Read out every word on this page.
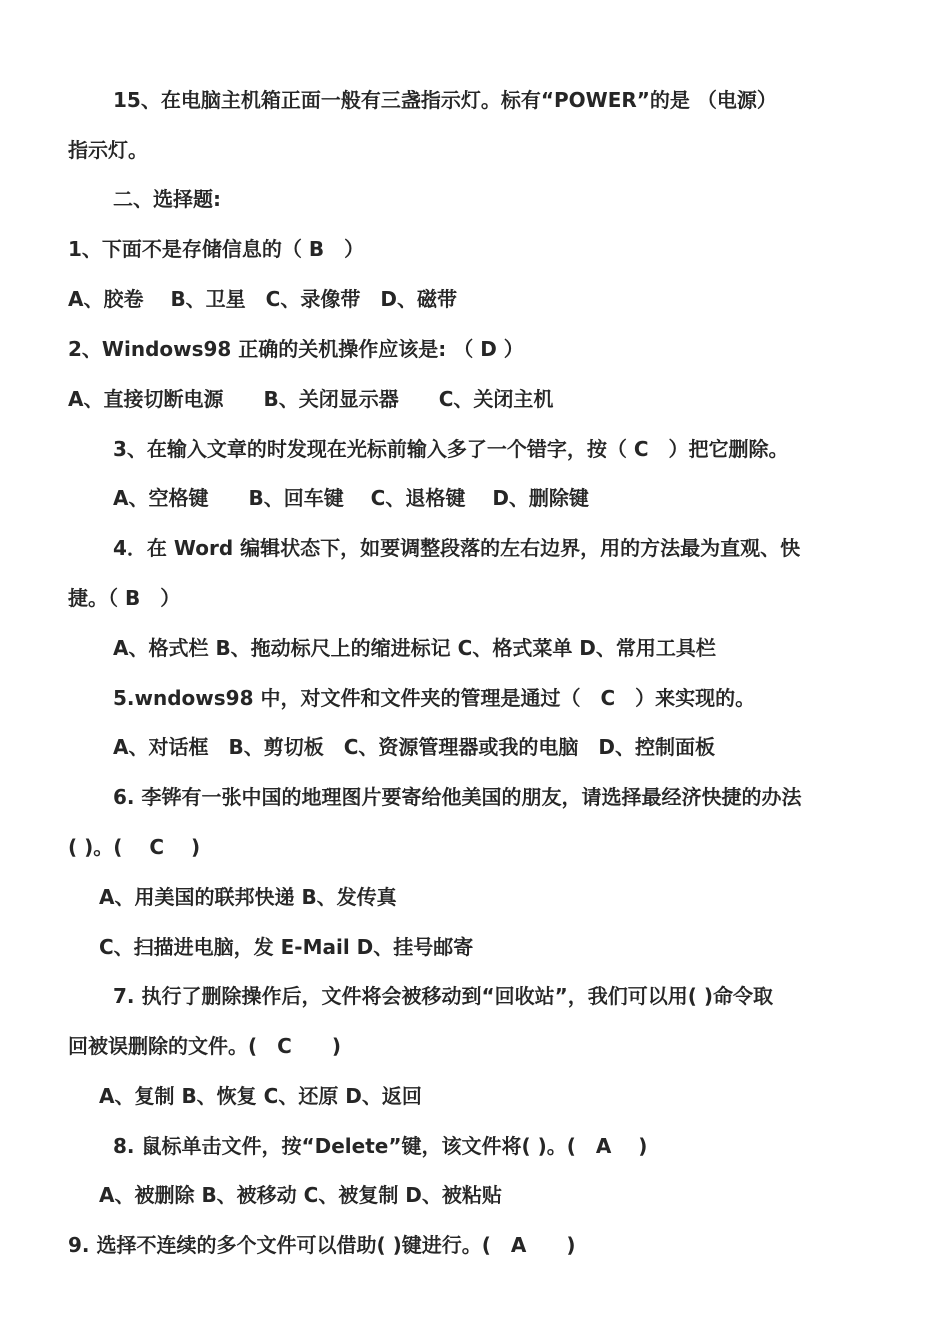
15、在电脑主机箱正面一般有三盏指示灯。标有“POWER”的是 （电源）
指示灯。
二、选择题:
1、下面不是存储信息的（ B　）
A、胶卷　 B、卫星　C、录像带　D、磁带
2、Windows98 正确的关机操作应该是: （ D ）
A、直接切断电源　　B、关闭显示器　　C、关闭主机
3、在输入文章的时发现在光标前输入多了一个错字，按（ C　）把它删除。
A、空格键　　B、回车键　 C、退格键　 D、删除键
4．在 Word 编辑状态下，如要调整段落的左右边界，用的方法最为直观、快
捷。（ B　）
A、格式栏 B、拖动标尺上的缩进标记 C、格式菜单 D、常用工具栏
5.wndows98 中，对文件和文件夹的管理是通过（　C　）来实现的。
A、对话框　B、剪切板　C、资源管理器或我的电脑　D、控制面板
6. 李铧有一张中国的地理图片要寄给他美国的朋友，请选择最经济快捷的办法
( )。(　 C　 )
A、用美国的联邦快递 B、发传真
C、扫描进电脑，发 E-Mail D、挂号邮寄
7. 执行了删除操作后，文件将会被移动到“回收站”，我们可以用( )命令取
回被误删除的文件。(　C　　)
A、复制 B、恢复 C、还原 D、返回
8. 鼠标单击文件，按“Delete”键，该文件将( )。(　A　 )
A、被删除 B、被移动 C、被复制 D、被粘贴
9. 选择不连续的多个文件可以借助( )键进行。(　A　　)
